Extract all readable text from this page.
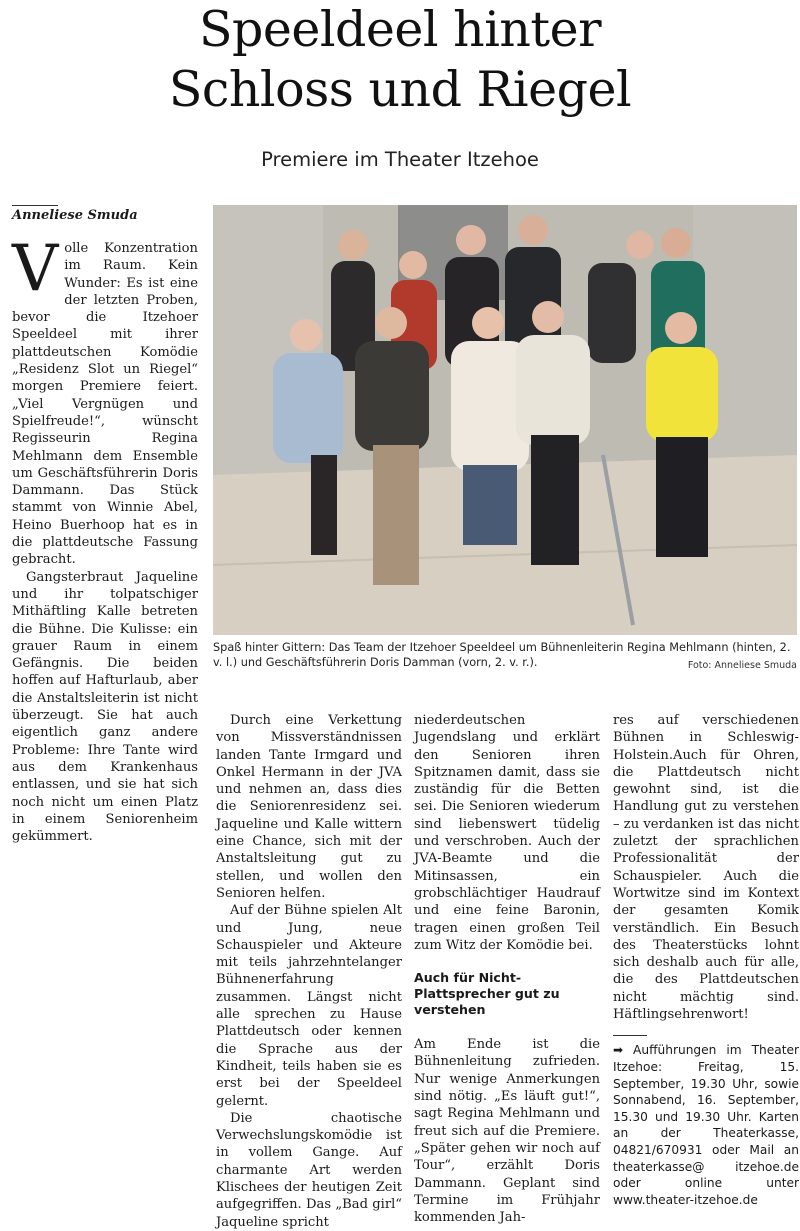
Speeldeel hinter
Schloss und Riegel
Premiere im Theater Itzehoe
Anneliese Smuda

Volle Konzentration im Raum. Kein Wunder: Es ist eine der letzten Proben, bevor die Itzehoer Speeldeel mit ihrer plattdeutschen Komödie „Residenz Slot un Riegel“ morgen Premiere feiert. „Viel Vergnügen und Spielfreude!“, wünscht Regisseurin Regina Mehlmann dem Ensemble um Geschäftsführerin Doris Dammann. Das Stück stammt von Winnie Abel, Heino Buerhoop hat es in die plattdeutsche Fassung gebracht.

Gangsterbraut Jaqueline und ihr tolpatschiger Mithäftling Kalle betreten die Bühne. Die Kulisse: ein grauer Raum in einem Gefängnis. Die beiden hoffen auf Hafturlaub, aber die Anstaltsleiterin ist nicht überzeugt. Sie hat auch eigentlich ganz andere Probleme: Ihre Tante wird aus dem Krankenhaus entlassen, und sie hat sich noch nicht um einen Platz in einem Seniorenheim gekümmert.

Spaß hinter Gittern: Das Team der Itzehoer Speeldeel um Bühnenleiterin Regina Mehlmann (hinten, 2. v. l.) und Geschäftsführerin Doris Damman (vorn, 2. v. r.).	Foto: Anneliese Smuda

Durch eine Verkettung von Missverständnissen landen Tante Irmgard und Onkel Hermann in der JVA und nehmen an, dass dies die Seniorenresidenz sei. Jaqueline und Kalle wittern eine Chance, sich mit der Anstaltsleitung gut zu stellen, und wollen den Senioren helfen.

Auf der Bühne spielen Alt und Jung, neue Schauspieler und Akteure mit teils jahrzehntelanger Bühnenerfahrung zusammen. Längst nicht alle sprechen zu Hause Plattdeutsch oder kennen die Sprache aus der Kindheit, teils haben sie es erst bei der Speeldeel gelernt.

Die chaotische Verwechslungskomödie ist in vollem Gange. Auf charmante Art werden Klischees der heutigen Zeit aufgegriffen. Das „Bad girl“ Jaqueline spricht

niederdeutschen Jugendslang und erklärt den Senioren ihren Spitznamen damit, dass sie zuständig für die Betten sei. Die Senioren wiederum sind liebenswert tüdelig und verschroben. Auch der JVA-Beamte und die Mitinsassen, ein grobschlächtiger Haudrauf und eine feine Baronin, tragen einen großen Teil zum Witz der Komödie bei.

Auch für Nicht-Plattsprecher gut zu verstehen

Am Ende ist die Bühnenleitung zufrieden. Nur wenige Anmerkungen sind nötig. „Es läuft gut!“, sagt Regina Mehlmann und freut sich auf die Premiere. „Später gehen wir noch auf Tour“, erzählt Doris Dammann. Geplant sind Termine im Frühjahr kommenden Jah-

res auf verschiedenen Bühnen in Schleswig-Holstein.Auch für Ohren, die Plattdeutsch nicht gewohnt sind, ist die Handlung gut zu verstehen – zu verdanken ist das nicht zuletzt der sprachlichen Professionalität der Schauspieler. Auch die Wortwitze sind im Kontext der gesamten Komik verständlich. Ein Besuch des Theaterstücks lohnt sich deshalb auch für alle, die des Plattdeutschen nicht mächtig sind. Häftlingsehrenwort!

➡ Aufführungen im Theater Itzehoe: Freitag, 15. September, 19.30 Uhr, sowie Sonnabend, 16. September, 15.30 und 19.30 Uhr. Karten an der Theaterkasse, 04821/670931 oder Mail an theaterkasse@ itzehoe.de oder online unter www.theater-itzehoe.de
